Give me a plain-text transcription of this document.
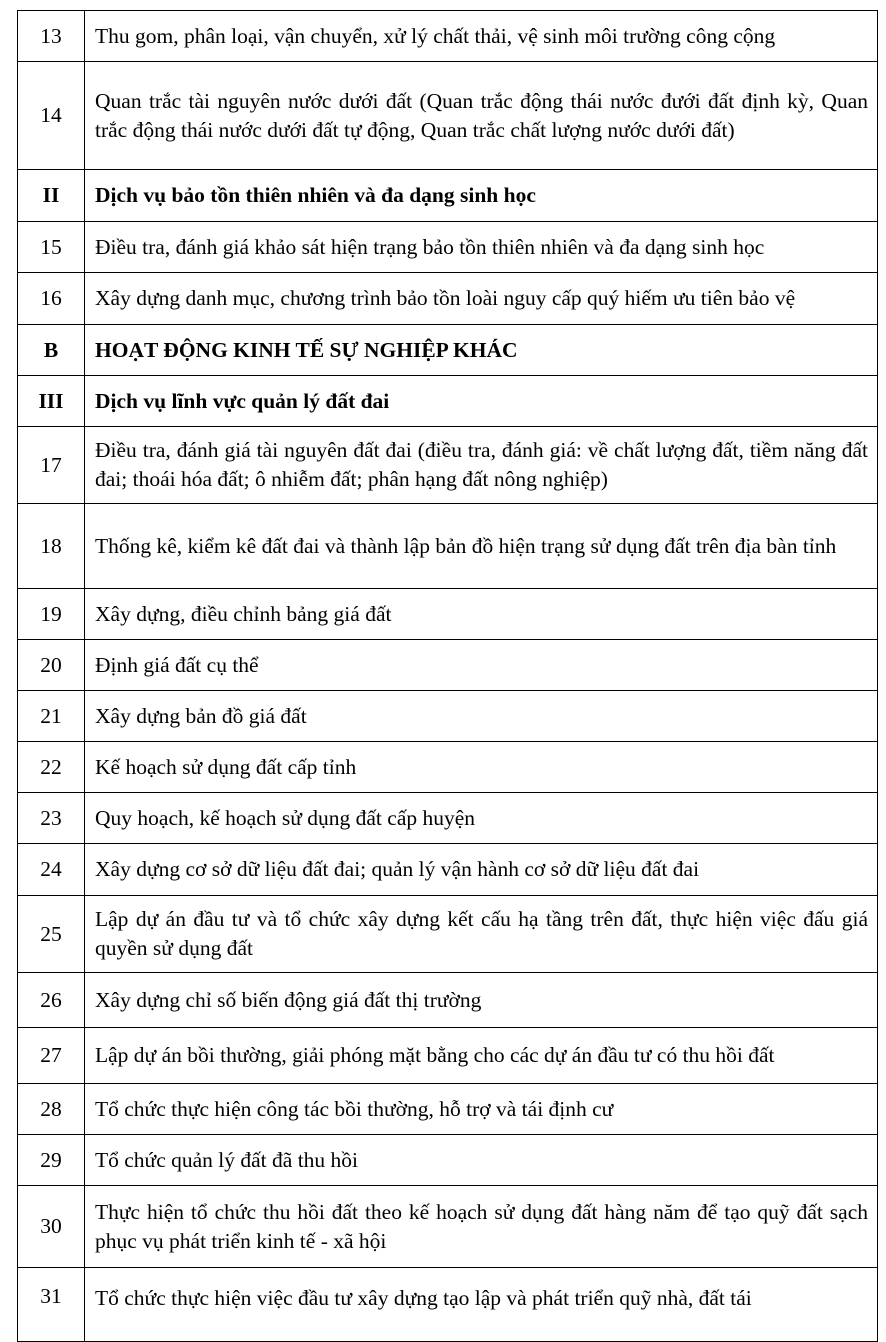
13	Thu gom, phân loại, vận chuyển, xử lý chất thải, vệ sinh môi trường công cộng
14	Quan trắc tài nguyên nước dưới đất (Quan trắc động thái nước đưới đất định kỳ, Quan trắc động thái nước dưới đất tự động, Quan trắc chất lượng nước dưới đất)
II	Dịch vụ bảo tồn thiên nhiên và đa dạng sinh học
15	Điều tra, đánh giá khảo sát hiện trạng bảo tồn thiên nhiên và đa dạng sinh học
16	Xây dựng danh mục, chương trình bảo tồn loài nguy cấp quý hiếm ưu tiên bảo vệ
B	HOẠT ĐỘNG KINH TẾ SỰ NGHIỆP KHÁC
III	Dịch vụ lĩnh vực quản lý đất đai
17	Điều tra, đánh giá tài nguyên đất đai (điều tra, đánh giá: về chất lượng đất, tiềm năng đất đai; thoái hóa đất; ô nhiễm đất; phân hạng đất nông nghiệp)
18	Thống kê, kiểm kê đất đai và thành lập bản đồ hiện trạng sử dụng đất trên địa bàn tỉnh
19	Xây dựng, điều chỉnh bảng giá đất
20	Định giá đất cụ thể
21	Xây dựng bản đồ giá đất
22	Kế hoạch sử dụng đất cấp tỉnh
23	Quy hoạch, kế hoạch sử dụng đất cấp huyện
24	Xây dựng cơ sở dữ liệu đất đai; quản lý vận hành cơ sở dữ liệu đất đai
25	Lập dự án đầu tư và tổ chức xây dựng kết cấu hạ tầng trên đất, thực hiện việc đấu giá quyền sử dụng đất
26	Xây dựng chỉ số biến động giá đất thị trường
27	Lập dự án bồi thường, giải phóng mặt bằng cho các dự án đầu tư có thu hồi đất
28	Tổ chức thực hiện công tác bồi thường, hỗ trợ và tái định cư
29	Tổ chức quản lý đất đã thu hồi
30	Thực hiện tổ chức thu hồi đất theo kế hoạch sử dụng đất hàng năm để tạo quỹ đất sạch phục vụ phát triển kinh tế - xã hội
31	Tổ chức thực hiện việc đầu tư xây dựng tạo lập và phát triển quỹ nhà, đất tái
